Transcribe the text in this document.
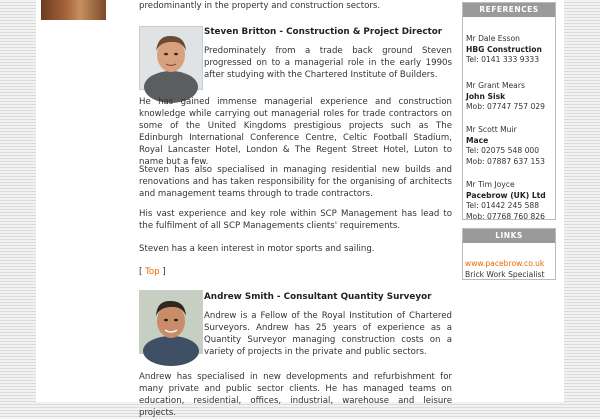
predominantly in the property and construction sectors.
Steven Britton - Construction & Project Director
Predominately from a trade back ground Steven progressed on to a managerial role in the early 1990s after studying with the Chartered Institute of Builders.
He has gained immense managerial experience and construction knowledge while carrying out managerial roles for trade contractors on some of the United Kingdoms prestigious projects such as The Edinburgh International Conference Centre, Celtic Football Stadium, Royal Lancaster Hotel, London & The Regent Street Hotel, Luton to name but a few.
Steven has also specialised in managing residential new builds and renovations and has taken responsibility for the organising of architects and management teams through to trade contractors.
His vast experience and key role within SCP Management has lead to the fulfilment of all SCP Managements clients' requirements.
Steven has a keen interest in motor sports and sailing.
[ Top ]
Andrew Smith - Consultant Quantity Surveyor
Andrew is a Fellow of the Royal Institution of Chartered Surveyors. Andrew has 25 years of experience as a Quantity Surveyor managing construction costs on a variety of projects in the private and public sectors.
Andrew has specialised in new developments and refurbishment for many private and public sector clients. He has managed teams on education, residential, offices, industrial, warehouse and leisure projects.
REFERENCES
Mr Dale Esson
HBG Construction
Tel: 0141 333 9333
Mr Grant Mears
John Sisk
Mob: 07747 757 029
Mr Scott Muir
Mace
Tel: 02075 548 000
Mob: 07887 637 153
Mr Tim Joyce
Pacebrow (UK) Ltd
Tel: 01442 245 588
Mob: 07768 760 826
LINKS
www.pacebrow.co.uk
Brick Work Specialist
